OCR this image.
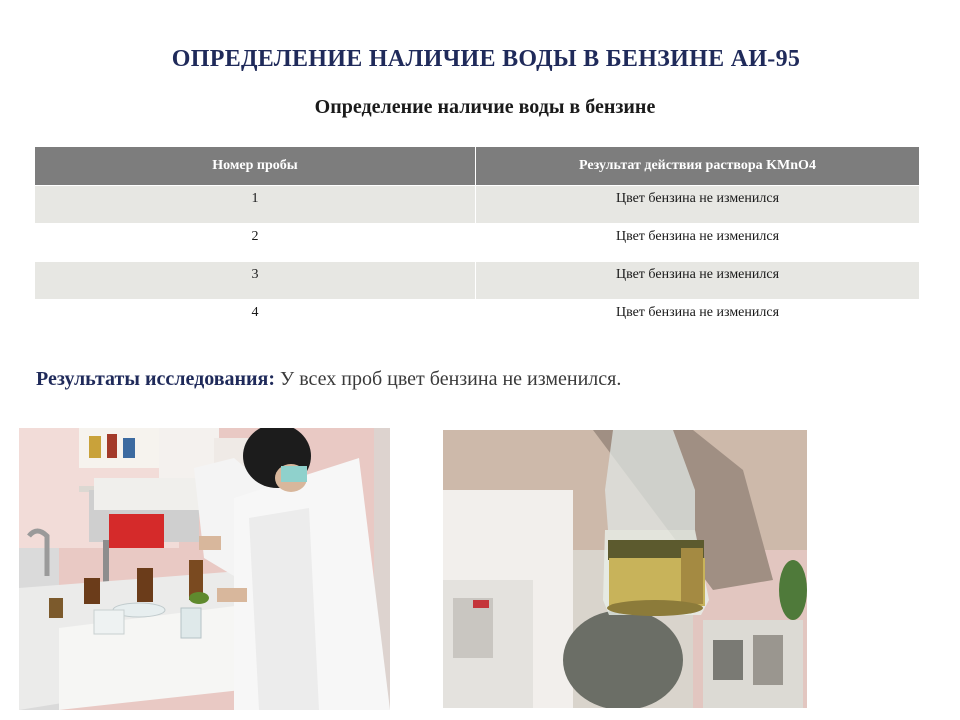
ОПРЕДЕЛЕНИЕ НАЛИЧИЕ ВОДЫ В БЕНЗИНЕ АИ-95
Определение наличие воды в бензине
Номер пробы	Результат действия раствора KMnO4
1	Цвет бензина не изменился
2	Цвет бензина не изменился
3	Цвет бензина не изменился
4	Цвет бензина не изменился
Результаты исследования: У всех проб цвет бензина не изменился.
